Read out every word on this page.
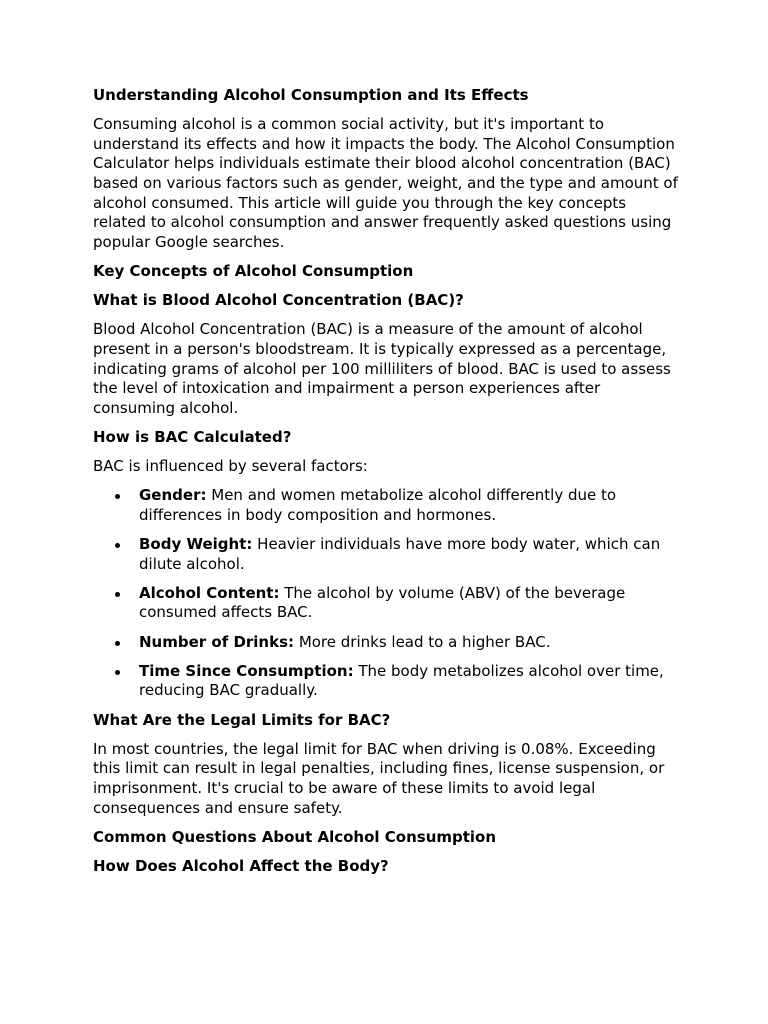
Understanding Alcohol Consumption and Its Effects
Consuming alcohol is a common social activity, but it's important to understand its effects and how it impacts the body. The Alcohol Consumption Calculator helps individuals estimate their blood alcohol concentration (BAC) based on various factors such as gender, weight, and the type and amount of alcohol consumed. This article will guide you through the key concepts related to alcohol consumption and answer frequently asked questions using popular Google searches.
Key Concepts of Alcohol Consumption
What is Blood Alcohol Concentration (BAC)?
Blood Alcohol Concentration (BAC) is a measure of the amount of alcohol present in a person's bloodstream. It is typically expressed as a percentage, indicating grams of alcohol per 100 milliliters of blood. BAC is used to assess the level of intoxication and impairment a person experiences after consuming alcohol.
How is BAC Calculated?
BAC is influenced by several factors:
Gender: Men and women metabolize alcohol differently due to differences in body composition and hormones.
Body Weight: Heavier individuals have more body water, which can dilute alcohol.
Alcohol Content: The alcohol by volume (ABV) of the beverage consumed affects BAC.
Number of Drinks: More drinks lead to a higher BAC.
Time Since Consumption: The body metabolizes alcohol over time, reducing BAC gradually.
What Are the Legal Limits for BAC?
In most countries, the legal limit for BAC when driving is 0.08%. Exceeding this limit can result in legal penalties, including fines, license suspension, or imprisonment. It's crucial to be aware of these limits to avoid legal consequences and ensure safety.
Common Questions About Alcohol Consumption
How Does Alcohol Affect the Body?
